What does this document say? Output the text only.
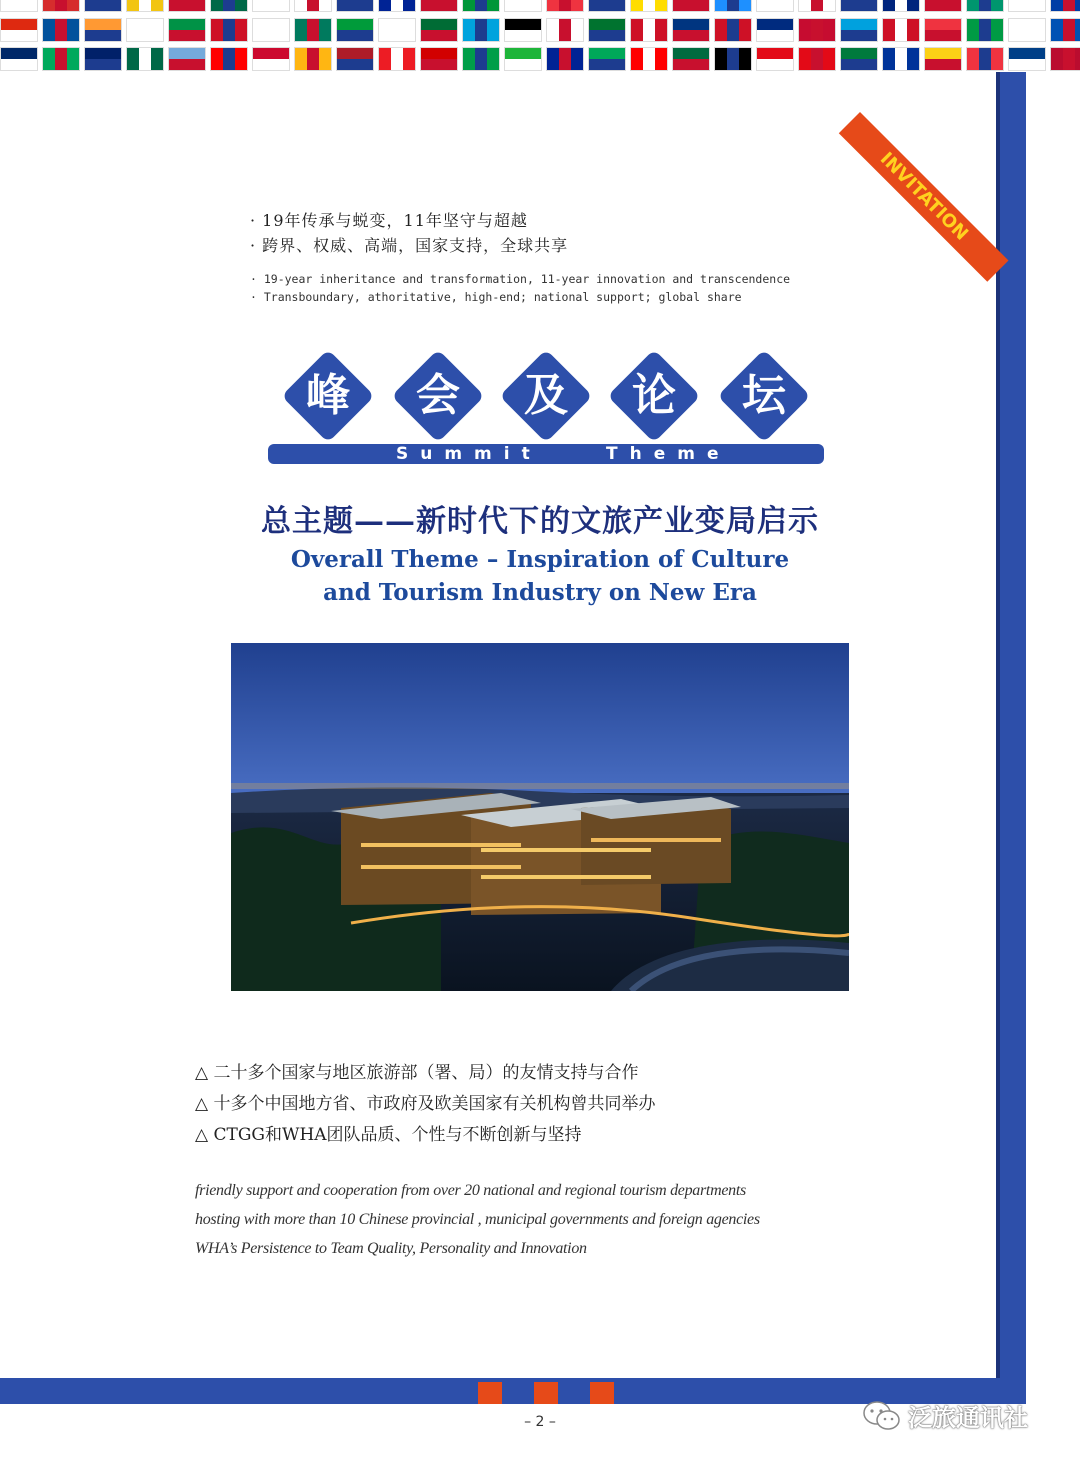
INVITATION
· 19年传承与蜕变，11年坚守与超越
· 跨界、权威、高端，国家支持，全球共享
· 19-year inheritance and transformation, 11-year innovation and transcendence
· Transboundary, athoritative, high-end; national support; global share
峰	会	及	论	坛
Summit	Theme
总主题——新时代下的文旅产业变局启示
Overall Theme – Inspiration of Culture
and Tourism Industry on New Era
△ 二十多个国家与地区旅游部（署、局）的友情支持与合作
△ 十多个中国地方省、市政府及欧美国家有关机构曾共同举办
△ CTGG和WHA团队品质、个性与不断创新与坚持
friendly support and cooperation from over 20 national and regional tourism departments
hosting with more than 10 Chinese provincial , municipal governments and foreign agencies
WHA’s Persistence to Team Quality, Personality and Innovation
– 2 –	泛旅通讯社
